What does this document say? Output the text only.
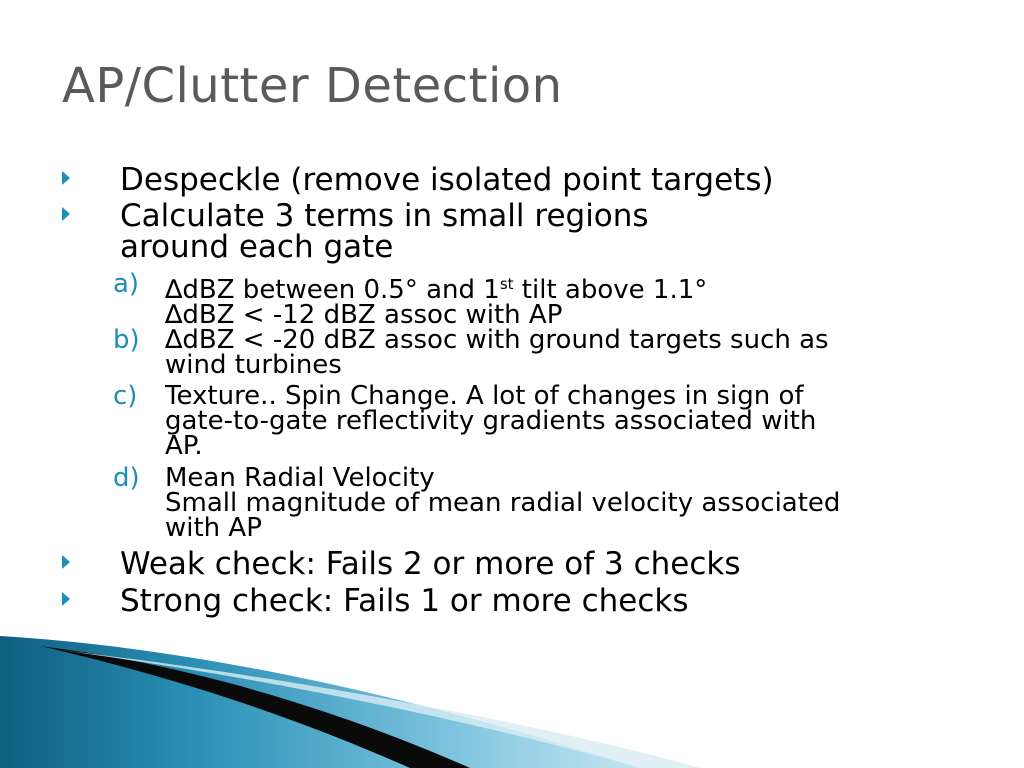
AP/Clutter Detection
Despeckle (remove isolated point targets)
Calculate 3 terms in small regions
around each gate
a) ∆dBZ between 0.5° and 1st tilt above 1.1°
∆dBZ < -12 dBZ assoc with AP
b) ∆dBZ < -20 dBZ assoc with ground targets such as
wind turbines
c) Texture.. Spin Change. A lot of changes in sign of
gate-to-gate reflectivity gradients associated with
AP.
d) Mean Radial Velocity
Small magnitude of mean radial velocity associated
with AP
Weak check: Fails 2 or more of 3 checks
Strong check: Fails 1 or more checks
